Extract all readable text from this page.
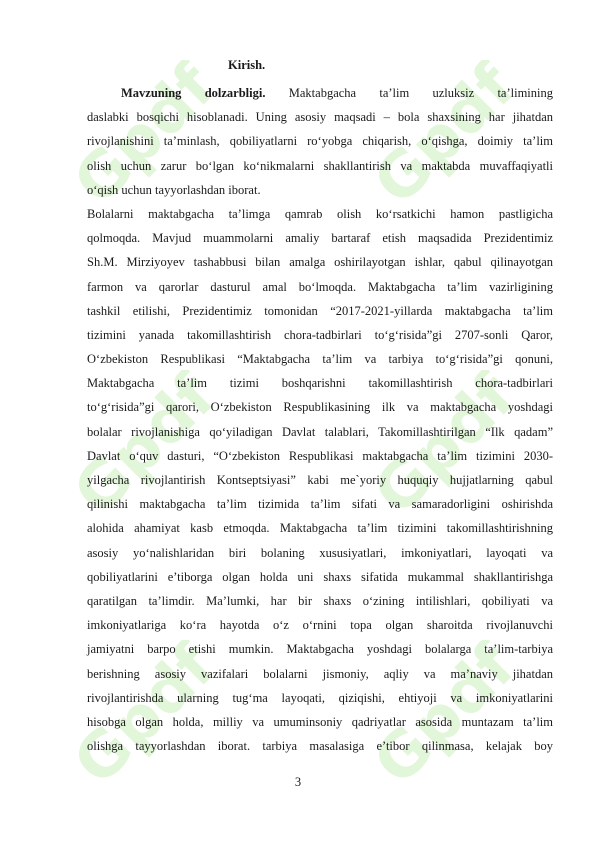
Gpdf Gpdf
Gpdf Gpdf
Gpdf Gpdf
Kirish.
Mavzuning dolzarbligi. Maktabgacha ta’lim uzluksiz ta’limining
daslabki bosqichi hisoblanadi. Uning asosiy maqsadi – bola shaxsining har jihatdan
rivojlanishini ta’minlash, qobiliyatlarni ro‘yobga chiqarish, o‘qishga, doimiy ta’lim
olish uchun zarur bo‘lgan ko‘nikmalarni shakllantirish va maktabda muvaffaqiyatli
o‘qish uchun tayyorlashdan iborat.
Bolalarni maktabgacha ta’limga qamrab olish ko‘rsatkichi hamon pastligicha
qolmoqda. Mavjud muammolarni amaliy bartaraf etish maqsadida Prezidentimiz
Sh.M. Mirziyoyev tashabbusi bilan amalga oshirilayotgan ishlar, qabul qilinayotgan
farmon va qarorlar dasturul amal bo‘lmoqda. Maktabgacha ta’lim vazirligining
tashkil etilishi, Prezidentimiz tomonidan “2017-2021-yillarda maktabgacha ta’lim
tizimini yanada takomillashtirish chora-tadbirlari to‘g‘risida”gi 2707-sonli Qaror,
O‘zbekiston Respublikasi “Maktabgacha ta’lim va tarbiya to‘g‘risida”gi qonuni,
Maktabgacha ta’lim tizimi boshqarishni takomillashtirish chora-tadbirlari
to‘g‘risida”gi qarori, O‘zbekiston Respublikasining ilk va maktabgacha yoshdagi
bolalar rivojlanishiga qo‘yiladigan Davlat talablari, Takomillashtirilgan “Ilk qadam”
Davlat o‘quv dasturi, “O‘zbekiston Respublikasi maktabgacha ta’lim tizimini 2030-
yilgacha rivojlantirish Kontseptsiyasi” kabi me`yoriy huquqiy hujjatlarning qabul
qilinishi maktabgacha ta’lim tizimida ta’lim sifati va samaradorligini oshirishda
alohida ahamiyat kasb etmoqda. Maktabgacha ta’lim tizimini takomillashtirishning
asosiy yo‘nalishlaridan biri bolaning xususiyatlari, imkoniyatlari, layoqati va
qobiliyatlarini e’tiborga olgan holda uni shaxs sifatida mukammal shakllantirishga
qaratilgan ta’limdir. Ma’lumki, har bir shaxs o‘zining intilishlari, qobiliyati va
imkoniyatlariga ko‘ra hayotda o‘z o‘rnini topa olgan sharoitda rivojlanuvchi
jamiyatni barpo etishi mumkin. Maktabgacha yoshdagi bolalarga ta’lim-tarbiya
berishning asosiy vazifalari bolalarni jismoniy, aqliy va ma’naviy jihatdan
rivojlantirishda ularning tug‘ma layoqati, qiziqishi, ehtiyoji va imkoniyatlarini
hisobga olgan holda, milliy va umuminsoniy qadriyatlar asosida muntazam ta’lim
olishga tayyorlashdan iborat. tarbiya masalasiga e’tibor qilinmasa, kelajak boy
3
